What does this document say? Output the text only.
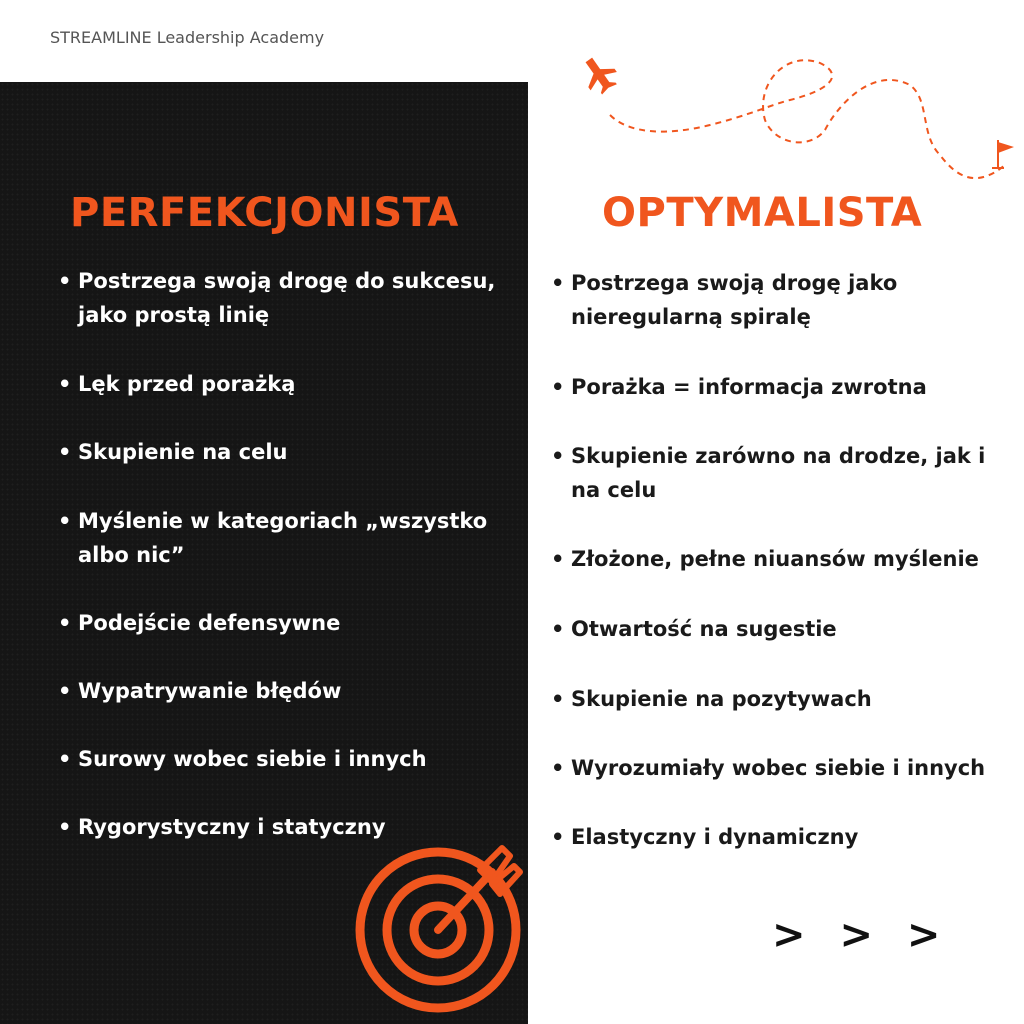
STREAMLINE Leadership Academy
PERFEKCJONISTA	OPTYMALISTA
• Postrzega swoją drogę do sukcesu, jako prostą linię
• Lęk przed porażką
• Skupienie na celu
• Myślenie w kategoriach „wszystko albo nic”
• Podejście defensywne
• Wypatrywanie błędów
• Surowy wobec siebie i innych
• Rygorystyczny i statyczny
• Postrzega swoją drogę jako nieregularną spiralę
• Porażka = informacja zwrotna
• Skupienie zarówno na drodze, jak i na celu
• Złożone, pełne niuansów myślenie
• Otwartość na sugestie
• Skupienie na pozytywach
• Wyrozumiały wobec siebie i innych
• Elastyczny i dynamiczny
> > >
